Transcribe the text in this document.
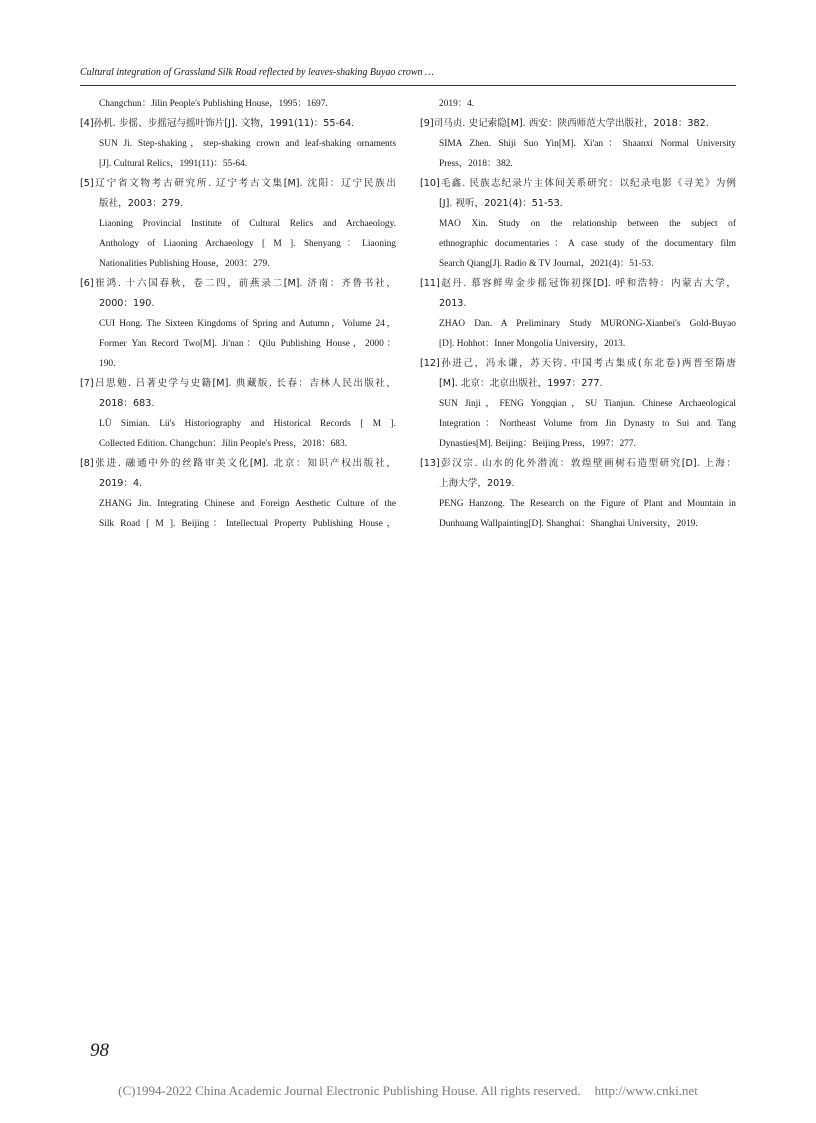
Cultural integration of Grassland Silk Road reflected by leaves-shaking Buyao crown …
Changchun：Jilin People's Publishing House，1995：1697.
[4]孙机. 步摇、步摇冠与摇叶饰片[J]. 文物，1991(11)：55-64.
SUN Ji. Step-shaking，step-shaking crown and leaf-shaking ornaments
[J]. Cultural Relics，1991(11)：55-64.
[5]辽宁省文物考古研究所. 辽宁考古文集[M]. 沈阳：辽宁民族出
版社，2003：279.
Liaoning Provincial Institute of Cultural Relics and Archaeology.
Anthology of Liaoning Archaeology [ M ]. Shenyang：Liaoning
Nationalities Publishing House，2003：279.
[6]崔鸿. 十六国春秋，卷二四，前燕录二[M]. 济南：齐鲁书社，
2000：190.
CUI Hong. The Sixteen Kingdoms of Spring and Autumn，Volume 24，
Former Yan Record Two[M]. Ji'nan：Qilu Publishing House，2000：
190.
[7]吕思勉. 吕著史学与史籍[M]. 典藏版. 长春：吉林人民出版社，
2018：683.
LÜ Simian. Lü's Historiography and Historical Records [ M ].
Collected Edition. Changchun：Jilin People's Press，2018：683.
[8]张进. 融通中外的丝路审美文化[M]. 北京：知识产权出版社，
2019：4.
ZHANG Jin. Integrating Chinese and Foreign Aesthetic Culture of the
Silk Road [ M ]. Beijing：Intellectual Property Publishing House，
2019：4.
[9]司马贞. 史记索隐[M]. 西安：陕西师范大学出版社，2018：382.
SIMA Zhen. Shiji Suo Yin[M]. Xi'an：Shaanxi Normal University
Press，2018：382.
[10]毛鑫. 民族志纪录片主体间关系研究：以纪录电影《寻羌》为例
[J]. 视听，2021(4)：51-53.
MAO Xin. Study on the relationship between the subject of
ethnographic documentaries：A case study of the documentary film
Search Qiang[J]. Radio & TV Journal，2021(4)：51-53.
[11]赵丹. 慕容鲜卑金步摇冠饰初探[D]. 呼和浩特：内蒙古大学，
2013.
ZHAO Dan. A Preliminary Study MURONG-Xianbei's Gold-Buyao
[D]. Hohhot：Inner Mongolia University，2013.
[12]孙进己，冯永谦，苏天钧. 中国考古集成(东北卷)两晋至隋唐
[M]. 北京：北京出版社，1997：277.
SUN Jinji，FENG Yongqian，SU Tianjun. Chinese Archaeological
Integration：Northeast Volume from Jin Dynasty to Sui and Tang
Dynasties[M]. Beijing：Beijing Press，1997：277.
[13]彭汉宗. 山水的化外潜流：敦煌壁画树石造型研究[D]. 上海：
上海大学，2019.
PENG Hanzong. The Research on the Figure of Plant and Mountain in
Dunhuang Wallpainting[D]. Shanghai：Shanghai University，2019.
98
(C)1994-2022 China Academic Journal Electronic Publishing House. All rights reserved. http://www.cnki.net
